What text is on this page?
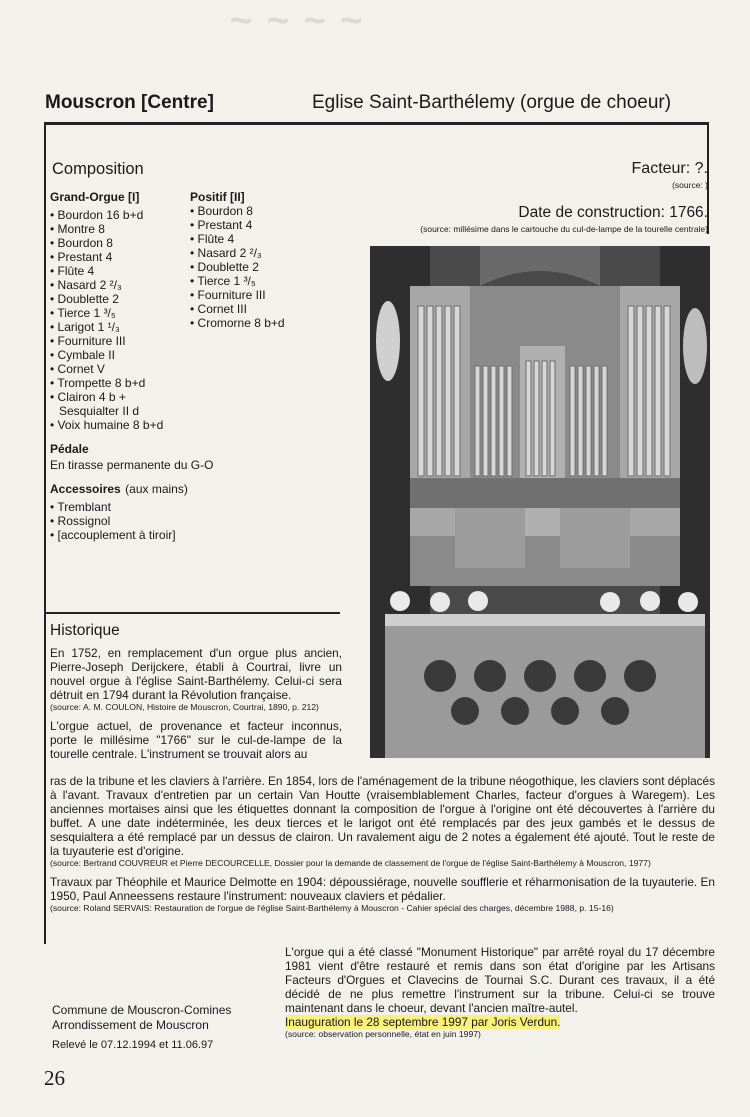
~ ~ ~ ~
Mouscron [Centre]	Eglise Saint-Barthélemy (orgue de choeur)
Composition
Grand-Orgue [I]
• Bourdon 16 b+d
• Montre 8
• Bourdon 8
• Prestant 4
• Flûte 4
• Nasard 2 ²/₃
• Doublette 2
• Tierce 1 ³/₅
• Larigot 1 ¹/₃
• Fourniture III
• Cymbale II
• Cornet V
• Trompette 8 b+d
• Clairon 4 b +
Sesquialter II d
• Voix humaine 8 b+d
Positif [II]
• Bourdon 8
• Prestant 4
• Flûte 4
• Nasard 2 ²/₃
• Doublette 2
• Tierce 1 ³/₅
• Fourniture III
• Cornet III
• Cromorne 8 b+d
Pédale
En tirasse permanente du G-O
Accessoires (aux mains)
• Tremblant
• Rossignol
• [accouplement à tiroir]
Facteur: ?.
(source: )
Date de construction: 1766.
(source: millésime dans le cartouche du cul-de-lampe de la tourelle centrale)
Historique
En 1752, en remplacement d'un orgue plus ancien, Pierre-Joseph Derijckere, établi à Courtrai, livre un nouvel orgue à l'église Saint-Barthélemy. Celui-ci sera détruit en 1794 durant la Révolution française.
(source: A. M. COULON, Histoire de Mouscron, Courtrai, 1890, p. 212)
L'orgue actuel, de provenance et facteur inconnus, porte le millésime "1766" sur le cul-de-lampe de la tourelle centrale. L'instrument se trouvait alors au
ras de la tribune et les claviers à l'arrière. En 1854, lors de l'aménagement de la tribune néogothique, les claviers sont déplacés à l'avant. Travaux d'entretien par un certain Van Houtte (vraisemblablement Charles, facteur d'orgues à Waregem). Les anciennes mortaises ainsi que les étiquettes donnant la composition de l'orgue à l'origine ont été découvertes à l'arrière du buffet. A une date indéterminée, les deux tierces et le larigot ont été remplacés par des jeux gambés et le dessus de sesquialtera a été remplacé par un dessus de clairon. Un ravalement aigu de 2 notes a également été ajouté. Tout le reste de la tuyauterie est d'origine.
(source: Bertrand COUVREUR et Pierre DECOURCELLE, Dossier pour la demande de classement de l'orgue de l'église Saint-Barthélemy à Mouscron, 1977)
Travaux par Théophile et Maurice Delmotte en 1904: dépoussiérage, nouvelle soufflerie et réharmonisation de la tuyauterie. En 1950, Paul Anneessens restaure l'instrument: nouveaux claviers et pédalier.
(source: Roland SERVAIS: Restauration de l'orgue de l'église Saint-Barthélemy à Mouscron - Cahier spécial des charges, décembre 1988, p. 15-16)
L'orgue qui a été classé "Monument Historique" par arrêté royal du 17 décembre 1981 vient d'être restauré et remis dans son état d'origine par les Artisans Facteurs d'Orgues et Clavecins de Tournai S.C. Durant ces travaux, il a été décidé de ne plus remettre l'instrument sur la tribune. Celui-ci se trouve maintenant dans le choeur, devant l'ancien maître-autel.
Inauguration le 28 septembre 1997 par Joris Verdun.
(source: observation personnelle, état en juin 1997)
Commune de Mouscron-Comines
Arrondissement de Mouscron
Relevé le 07.12.1994 et 11.06.97
26
